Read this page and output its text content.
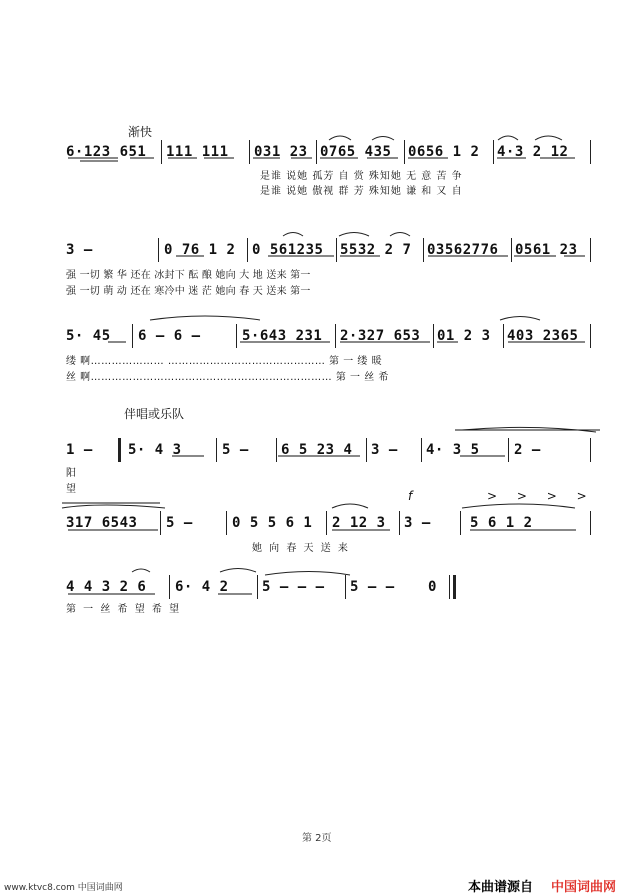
渐快
伴唱或乐队
f	> > > >
6·123 651 111 111 031 23 0765 435 0656 1 2 4·3 2 12
是谁 说她 孤芳 自 赏 殊知她 无 意 苦 争
是谁 说她 傲视 群 芳 殊知她 谦 和 又 自
3 –	0 76 1 2 0 561235 5532 2 7 03562776 0561 23
强 一切 繁 华 还在 冰封下 酝 酿 她向 大 地 送来 第一
强 一切 萌 动 还在 寒冷中 迷 茫 她向 春 天 送来 第一
5· 45 6 – 6 –	5·643 231 2·327 653 01 2 3 403 2365
缕 啊………………… ……………………………………… 第 一 缕 暖
丝 啊…………………………………………………………… 第 一 丝 希
1 –	5· 4 3	5 – 6 5 23 4 3 – 4· 3 5 2 –
阳
望
317 6543 5 –	0 5 5 6 1 2 12 3 3 –	5 6 1 2
她 向 春 天 送 来
4 4 3 2 6 6· 4 2 5 – – – 5 – – 0
第 一 丝 希 望 希 望
第 2页
www.ktvc8.com 中国词曲网	本曲谱源自 中国词曲网
